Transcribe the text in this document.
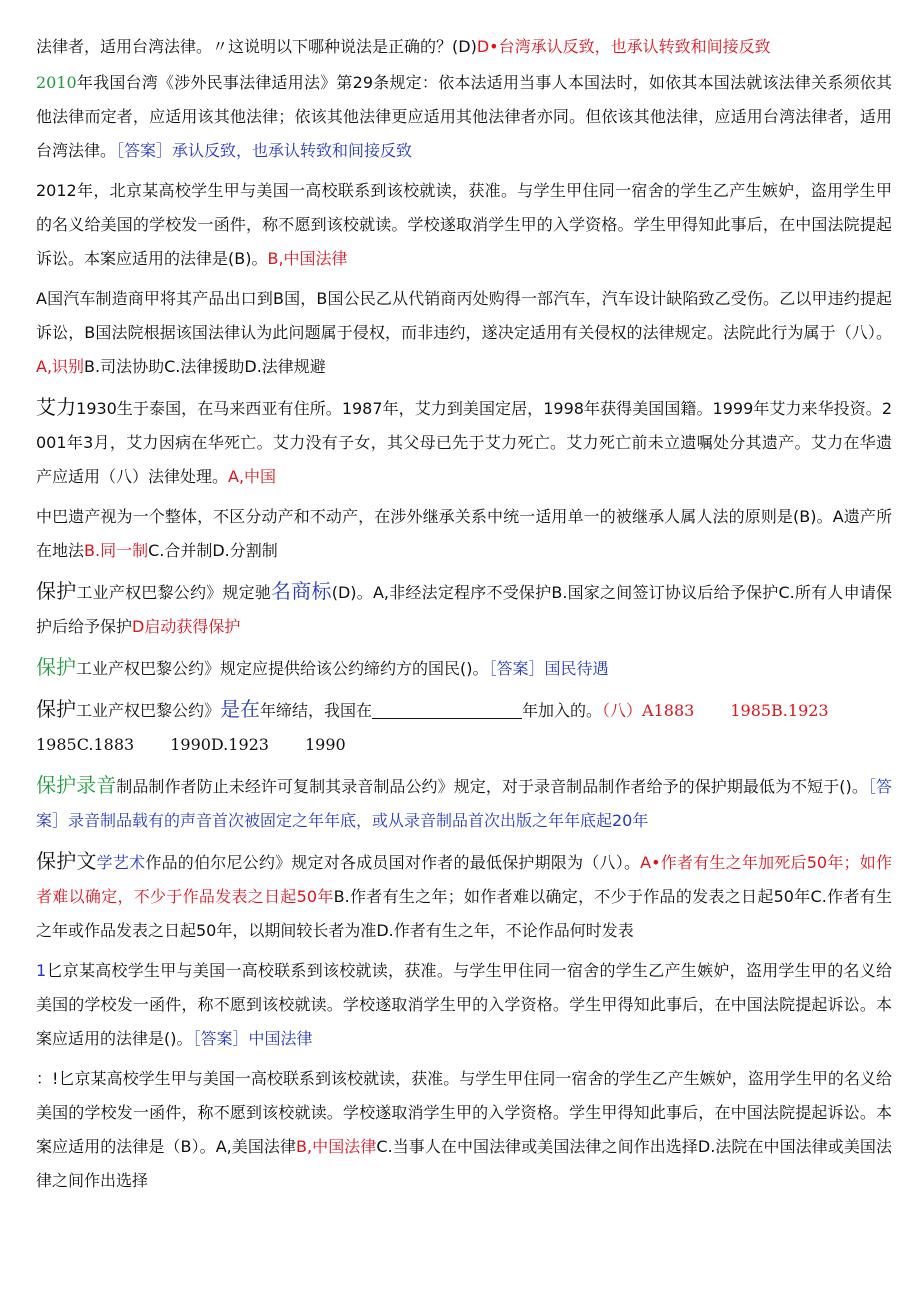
法律者，适用台湾法律。〃这说明以下哪种说法是正确的？(D)D•台湾承认反致，也承认转致和间接反致

2010年我国台湾《涉外民事法律适用法》第29条规定：依本法适用当事人本国法时，如依其本国法就该法律关系须依其他法律而定者，应适用该其他法律；依该其他法律更应适用其他法律者亦同。但依该其他法律，应适用台湾法律者，适用台湾法律。［答案］承认反致，也承认转致和间接反致

2012年，北京某高校学生甲与美国一高校联系到该校就读，获准。与学生甲住同一宿舍的学生乙产生嫉妒，盗用学生甲的名义给美国的学校发一函件，称不愿到该校就读。学校遂取消学生甲的入学资格。学生甲得知此事后，在中国法院提起诉讼。本案应适用的法律是(B)。B,中国法律

A国汽车制造商甲将其产品出口到B国，B国公民乙从代销商丙处购得一部汽车，汽车设计缺陷致乙受伤。乙以甲违约提起诉讼，B国法院根据该国法律认为此问题属于侵权，而非违约，遂决定适用有关侵权的法律规定。法院此行为属于（八）。A,识别B.司法协助C.法律援助D.法律规避

艾力1930生于泰国，在马来西亚有住所。1987年，艾力到美国定居，1998年获得美国国籍。1999年艾力来华投资。2001年3月，艾力因病在华死亡。艾力没有子女，其父母已先于艾力死亡。艾力死亡前未立遗嘱处分其遗产。艾力在华遗产应适用（八）法律处理。A,中国

中巴遗产视为一个整体，不区分动产和不动产，在涉外继承关系中统一适用单一的被继承人属人法的原则是(B)。A遗产所在地法B.同一制C.合并制D.分割制

保护工业产权巴黎公约》规定驰名商标(D)。A,非经法定程序不受保护B.国家之间签订协议后给予保护C.所有人申请保护后给予保护D启动获得保护

保护工业产权巴黎公约》规定应提供给该公约缔约方的国民()。［答案］国民待遇

保护工业产权巴黎公约》是在年缔结，我国在	年加入的。（八）A1883 1985B.1923
1985C.1883 1990D.1923 1990

保护录音制品制作者防止未经许可复制其录音制品公约》规定，对于录音制品制作者给予的保护期最低为不短于()。［答案］录音制品载有的声音首次被固定之年年底，或从录音制品首次出版之年年底起20年

保护文学艺术作品的伯尔尼公约》规定对各成员国对作者的最低保护期限为（八）。A•作者有生之年加死后50年；如作者难以确定，不少于作品发表之日起50年B.作者有生之年；如作者难以确定，不少于作品的发表之日起50年C.作者有生之年或作品发表之日起50年，以期间较长者为准D.作者有生之年，不论作品何时发表

1匕京某高校学生甲与美国一高校联系到该校就读，获准。与学生甲住同一宿舍的学生乙产生嫉妒，盗用学生甲的名义给美国的学校发一函件，称不愿到该校就读。学校遂取消学生甲的入学资格。学生甲得知此事后，在中国法院提起诉讼。本案应适用的法律是()。［答案］中国法律

：!匕京某高校学生甲与美国一高校联系到该校就读，获准。与学生甲住同一宿舍的学生乙产生嫉妒，盗用学生甲的名义给美国的学校发一函件，称不愿到该校就读。学校遂取消学生甲的入学资格。学生甲得知此事后，在中国法院提起诉讼。本案应适用的法律是（B）。A,美国法律B,中国法律C.当事人在中国法律或美国法律之间作出选择D.法院在中国法律或美国法律之间作出选择
